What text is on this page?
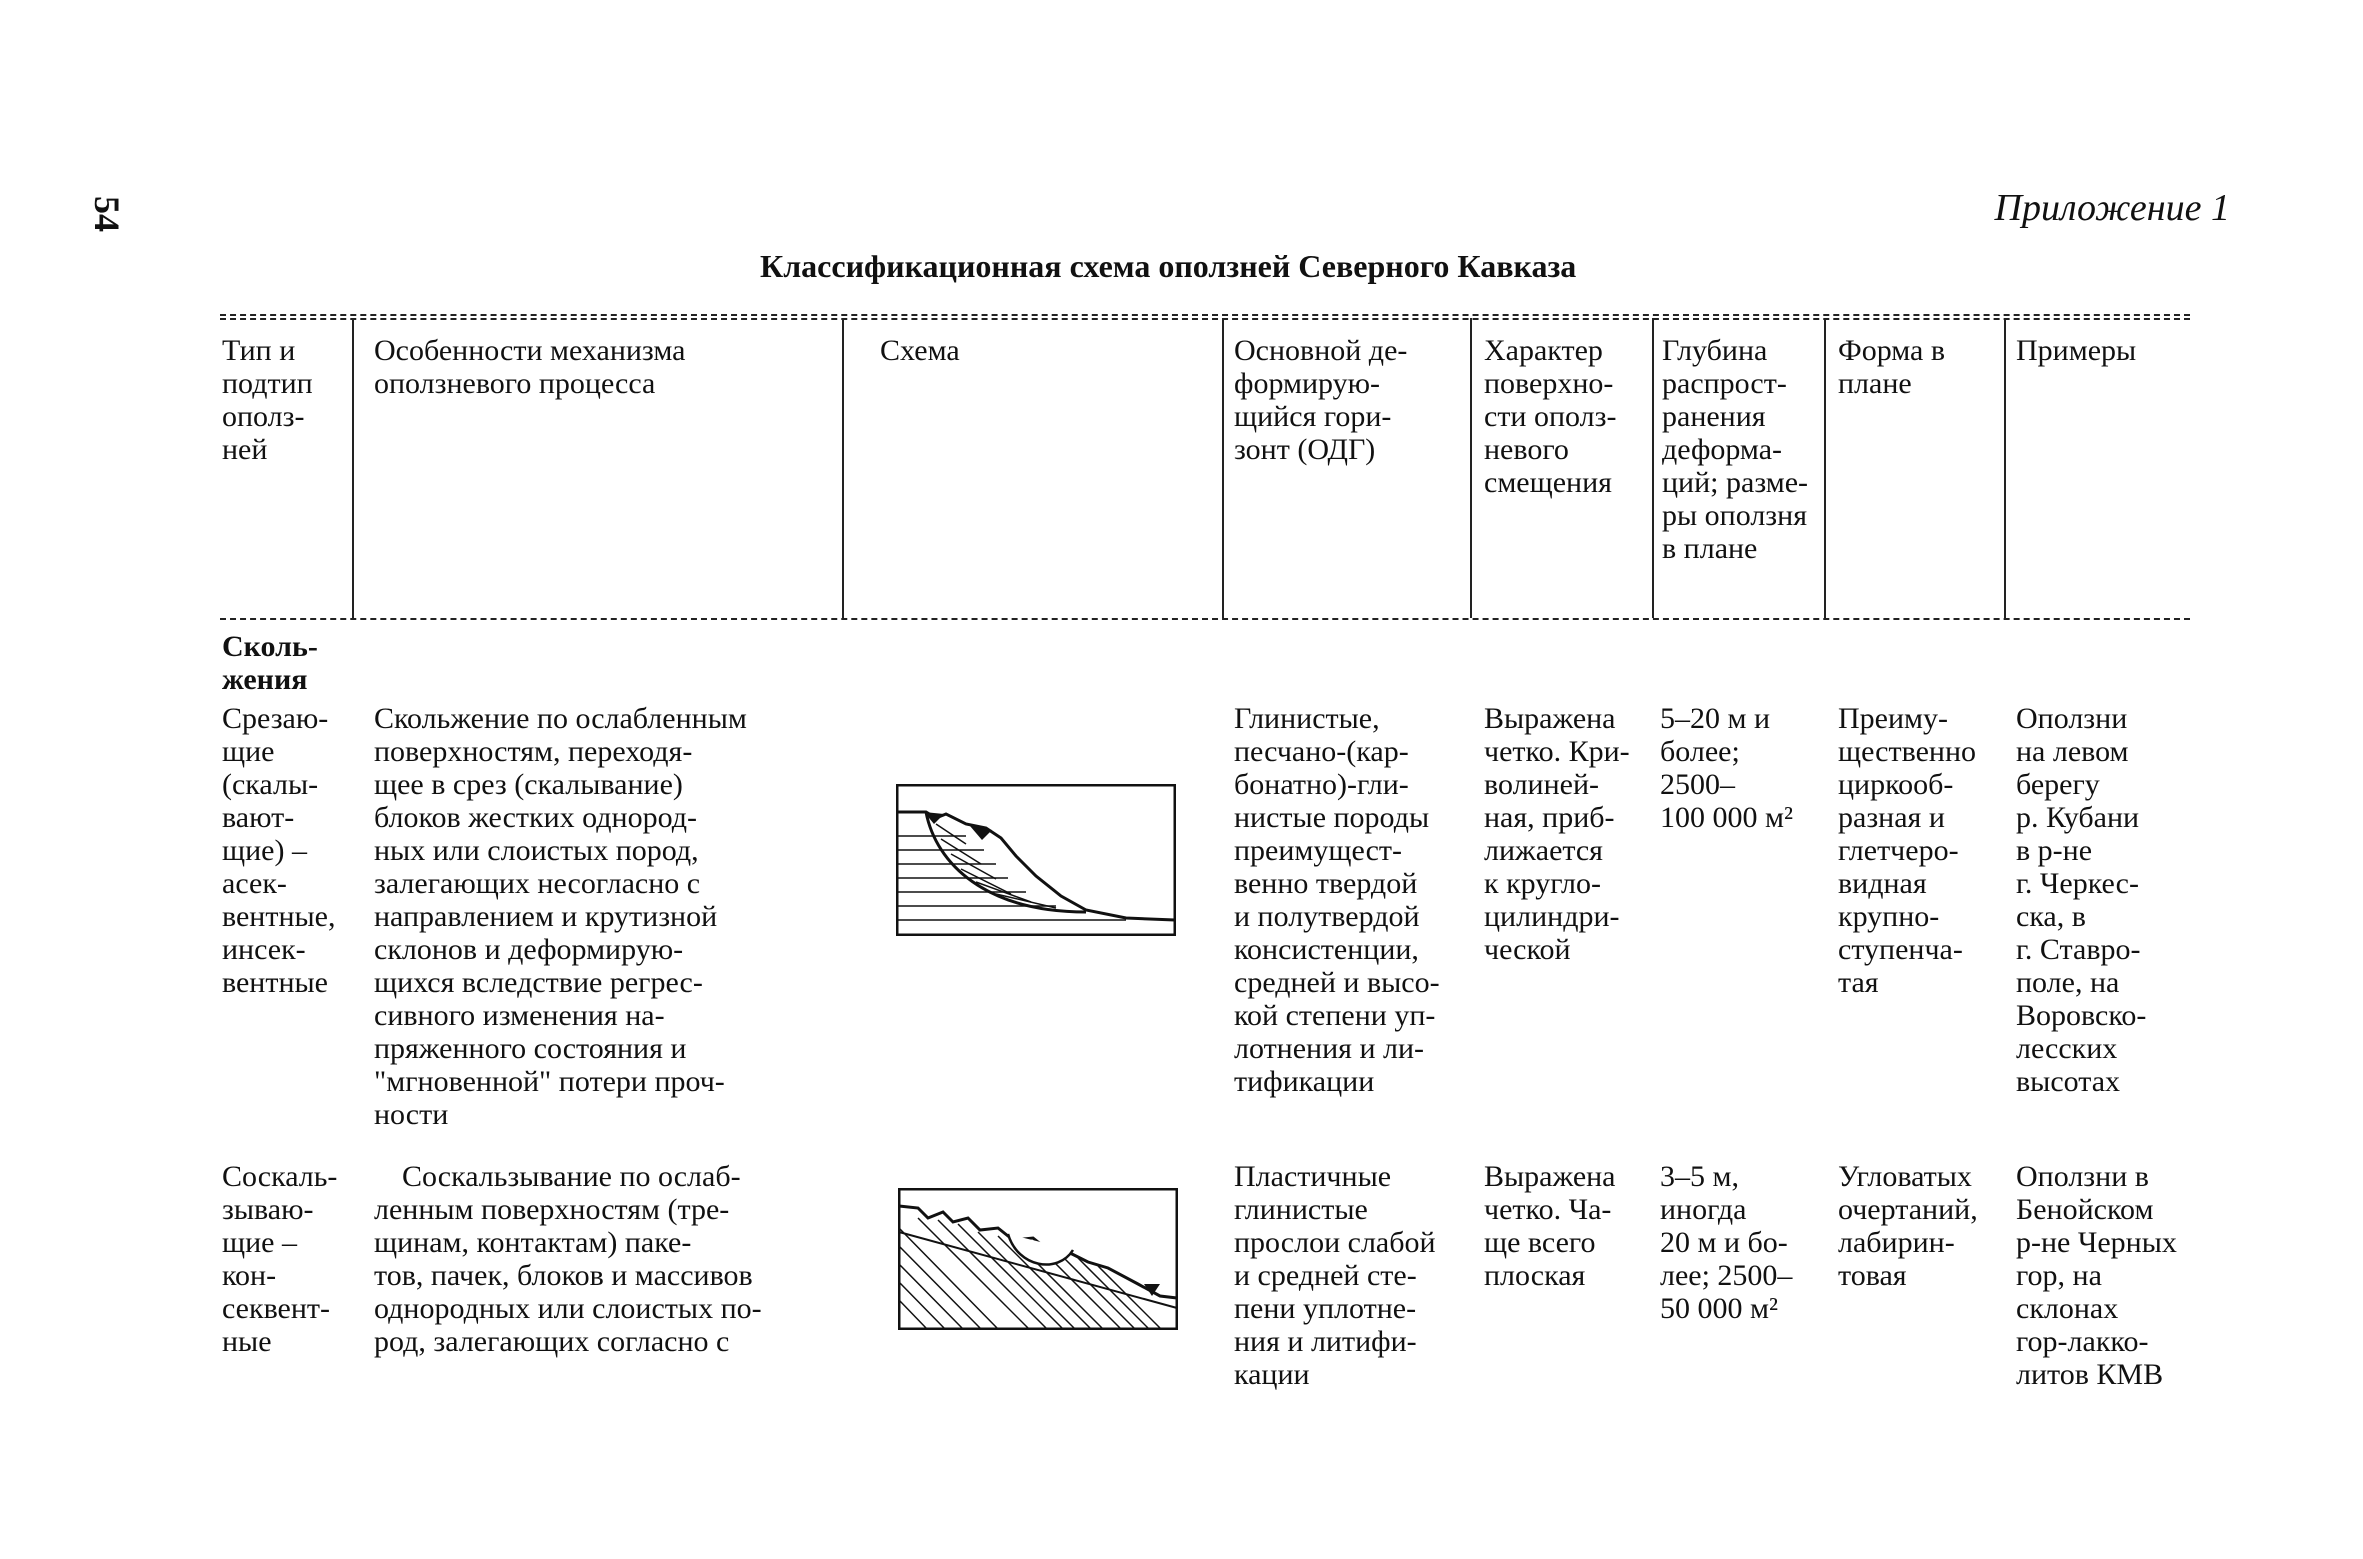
54	Приложение 1
Классификационная схема оползней Северного Кавказа
Тип и
подтип
ополз-
ней
Особенности механизма
оползневого процесса
Схема	Основной де-
формирую-
щийся гори-
зонт (ОДГ)
Характер
поверхно-
сти ополз-
невого
смещения
Глубина
распрост-
ранения
деформа-
ций; разме-
ры оползня
в плане
Форма в
плане
Примеры
Сколь-
жения
Срезаю-
щие
(скалы-
вают-
щие) –
асек-
вентные,
инсек-
вентные
Скольжение по ослабленным
поверхностям, переходя-
щее в срез (скалывание)
блоков жестких однород-
ных или слоистых пород,
залегающих несогласно с
направлением и крутизной
склонов и деформирую-
щихся вследствие регрес-
сивного изменения на-
пряженного состояния и
"мгновенной" потери проч-
ности
Глинистые,
песчано-(кар-
бонатно)-гли-
нистые породы
преимущест-
венно твердой
и полутвердой
консистенции,
средней и высо-
кой степени уп-
лотнения и ли-
тификации
Выражена
четко. Кри-
волиней-
ная, приб-
лижается
к кругло-
цилиндри-
ческой
5–20 м и
более;
2500–
100 000 м²
Преиму-
щественно
циркооб-
разная и
глетчеро-
видная
крупно-
ступенча-
тая
Оползни
на левом
берегу
р. Кубани
в р-не
г. Черкес-
ска, в
г. Ставро-
поле, на
Воровско-
лесских
высотах
Соскаль-
зываю-
щие –
кон-
секвент-
ные
Соскальзывание по ослаб-
ленным поверхностям (тре-
щинам, контактам) паке-
тов, пачек, блоков и массивов
однородных или слоистых по-
род, залегающих согласно с
Пластичные
глинистые
прослои слабой
и средней сте-
пени уплотне-
ния и литифи-
кации
Выражена
четко. Ча-
ще всего
плоская
3–5 м,
иногда
20 м и бо-
лее; 2500–
50 000 м²
Угловатых
очертаний,
лабирин-
товая
Оползни в
Бенойском
р-не Черных
гор, на
склонах
гор-лакко-
литов КМВ
